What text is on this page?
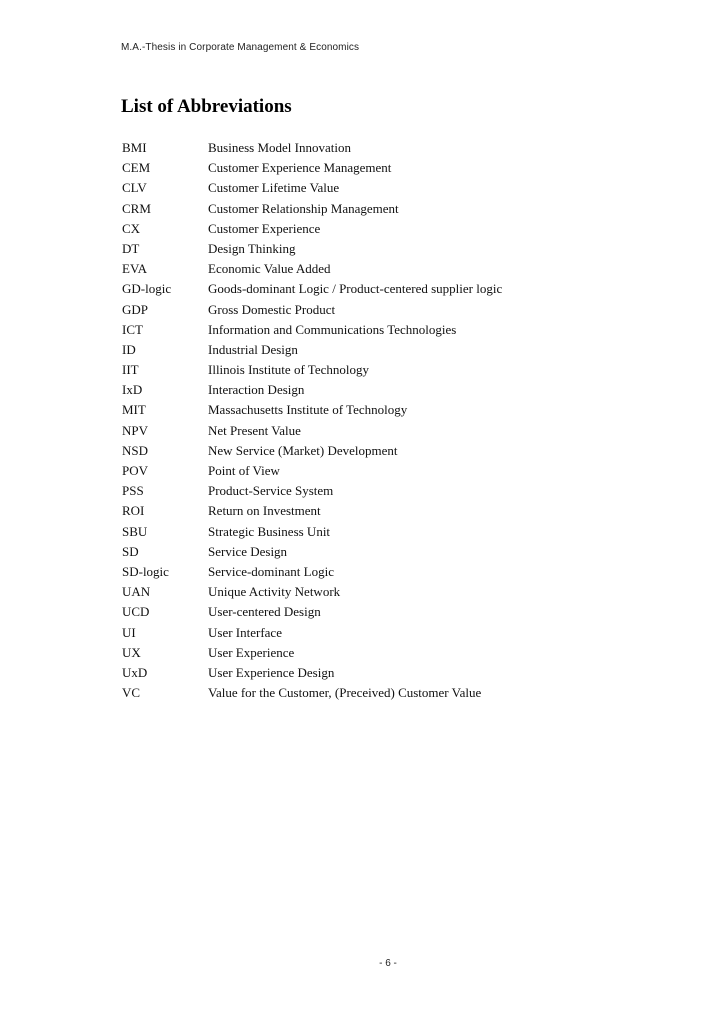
M.A.-Thesis in Corporate Management & Economics
List of Abbreviations
BMI	Business Model Innovation
CEM	Customer Experience Management
CLV	Customer Lifetime Value
CRM	Customer Relationship Management
CX	Customer Experience
DT	Design Thinking
EVA	Economic Value Added
GD-logic	Goods-dominant Logic / Product-centered supplier logic
GDP	Gross Domestic Product
ICT	Information and Communications Technologies
ID	Industrial Design
IIT	Illinois Institute of Technology
IxD	Interaction Design
MIT	Massachusetts Institute of Technology
NPV	Net Present Value
NSD	New Service (Market) Development
POV	Point of View
PSS	Product-Service System
ROI	Return on Investment
SBU	Strategic Business Unit
SD	Service Design
SD-logic	Service-dominant Logic
UAN	Unique Activity Network
UCD	User-centered Design
UI	User Interface
UX	User Experience
UxD	User Experience Design
VC	Value for the Customer, (Preceived) Customer Value
- 6 -
